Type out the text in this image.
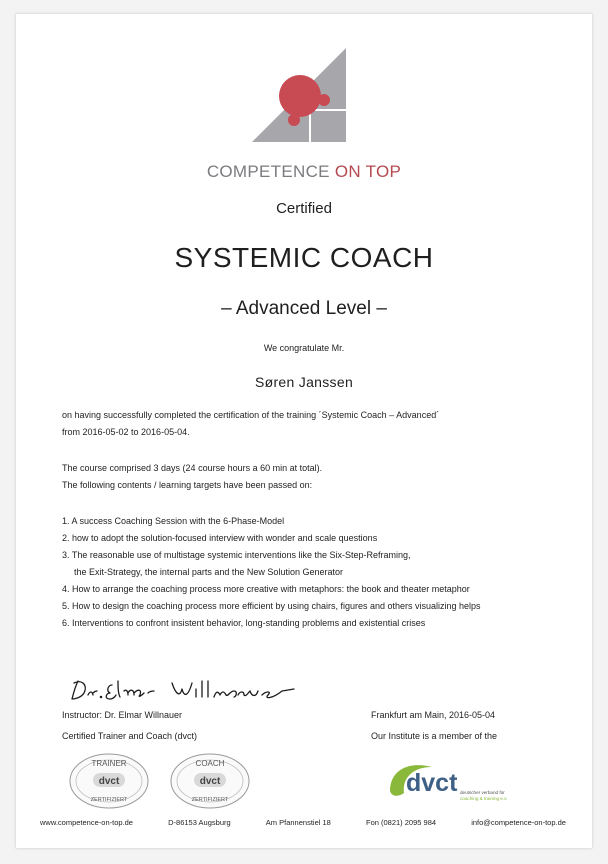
COMPETENCE ON TOP
Certified
SYSTEMIC COACH
– Advanced Level –
We congratulate Mr.
Søren Janssen
on having successfully completed the certification of the training ´Systemic Coach – Advanced´
from 2016-05-02 to 2016-05-04.
The course comprised 3 days (24 course hours a 60 min at total).
The following contents / learning targets have been passed on:
1. A success Coaching Session with the 6-Phase-Model
2. how to adopt the solution-focused interview with wonder and scale questions
3. The reasonable use of multistage systemic interventions like the Six-Step-Reframing,
the Exit-Strategy, the internal parts and the New Solution Generator
4. How to arrange the coaching process more creative with metaphors: the book and theater metaphor
5. How to design the coaching process more efficient by using chairs, figures and others visualizing helps
6. Interventions to confront insistent behavior, long-standing problems and existential crises
Instructor: Dr. Elmar Willnauer
Certified Trainer and Coach (dvct)
Frankfurt am Main, 2016-05-04
Our Institute is a member of the
TRAINER
dvct
ZERTIFIZIERT
COACH
dvct
ZERTIFIZIERT
dvct deutscher verband für
coaching & training e.v.
www.competence-on-top.de	D-86153 Augsburg	Am Pfannenstiel 18	Fon (0821) 2095 984	info@competence-on-top.de
